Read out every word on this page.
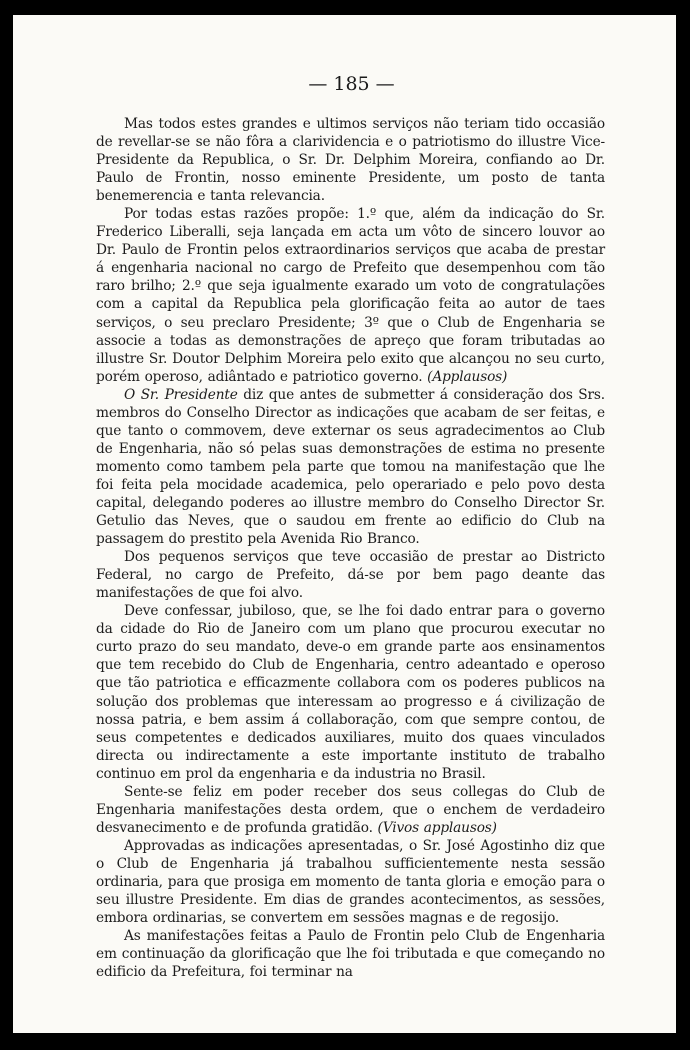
— 185 —

Mas todos estes grandes e ultimos serviços não teriam tido occasião de revellar-se se não fôra a clarividencia e o patriotismo do illustre Vice-Presidente da Republica, o Sr. Dr. Delphim Moreira, confiando ao Dr. Paulo de Frontin, nosso eminente Presidente, um posto de tanta benemerencia e tanta relevancia.

Por todas estas razões propõe: 1.º que, além da indicação do Sr. Frederico Liberalli, seja lançada em acta um vôto de sincero louvor ao Dr. Paulo de Frontin pelos extraordinarios serviços que acaba de prestar á engenharia nacional no cargo de Prefeito que desempenhou com tão raro brilho; 2.º que seja igualmente exarado um voto de congratulações com a capital da Republica pela glorificação feita ao autor de taes serviços, o seu preclaro Presidente; 3º que o Club de Engenharia se associe a todas as demonstrações de apreço que foram tributadas ao illustre Sr. Doutor Delphim Moreira pelo exito que alcançou no seu curto, porém operoso, adiântado e patriotico governo. (Applausos)

O Sr. Presidente diz que antes de submetter á consideração dos Srs. membros do Conselho Director as indicações que acabam de ser feitas, e que tanto o commovem, deve externar os seus agradecimentos ao Club de Engenharia, não só pelas suas demonstrações de estima no presente momento como tambem pela parte que tomou na manifestação que lhe foi feita pela mocidade academica, pelo operariado e pelo povo desta capital, delegando poderes ao illustre membro do Conselho Director Sr. Getulio das Neves, que o saudou em frente ao edificio do Club na passagem do prestito pela Avenida Rio Branco.

Dos pequenos serviços que teve occasião de prestar ao Districto Federal, no cargo de Prefeito, dá-se por bem pago deante das manifestações de que foi alvo.

Deve confessar, jubiloso, que, se lhe foi dado entrar para o governo da cidade do Rio de Janeiro com um plano que procurou executar no curto prazo do seu mandato, deve-o em grande parte aos ensinamentos que tem recebido do Club de Engenharia, centro adeantado e operoso que tão patriotica e efficazmente collabora com os poderes publicos na solução dos problemas que interessam ao progresso e á civilização de nossa patria, e bem assim á collaboração, com que sempre contou, de seus competentes e dedicados auxiliares, muito dos quaes vinculados directa ou indirectamente a este importante instituto de trabalho continuo em prol da engenharia e da industria no Brasil.

Sente-se feliz em poder receber dos seus collegas do Club de Engenharia manifestações desta ordem, que o enchem de verdadeiro desvanecimento e de profunda gratidão. (Vivos applausos)

Approvadas as indicações apresentadas, o Sr. José Agostinho diz que o Club de Engenharia já trabalhou sufficientemente nesta sessão ordinaria, para que prosiga em momento de tanta gloria e emoção para o seu illustre Presidente. Em dias de grandes acontecimentos, as sessões, embora ordinarias, se convertem em sessões magnas e de regosijo.

As manifestações feitas a Paulo de Frontin pelo Club de Engenharia em continuação da glorificação que lhe foi tributada e que começando no edificio da Prefeitura, foi terminar na
